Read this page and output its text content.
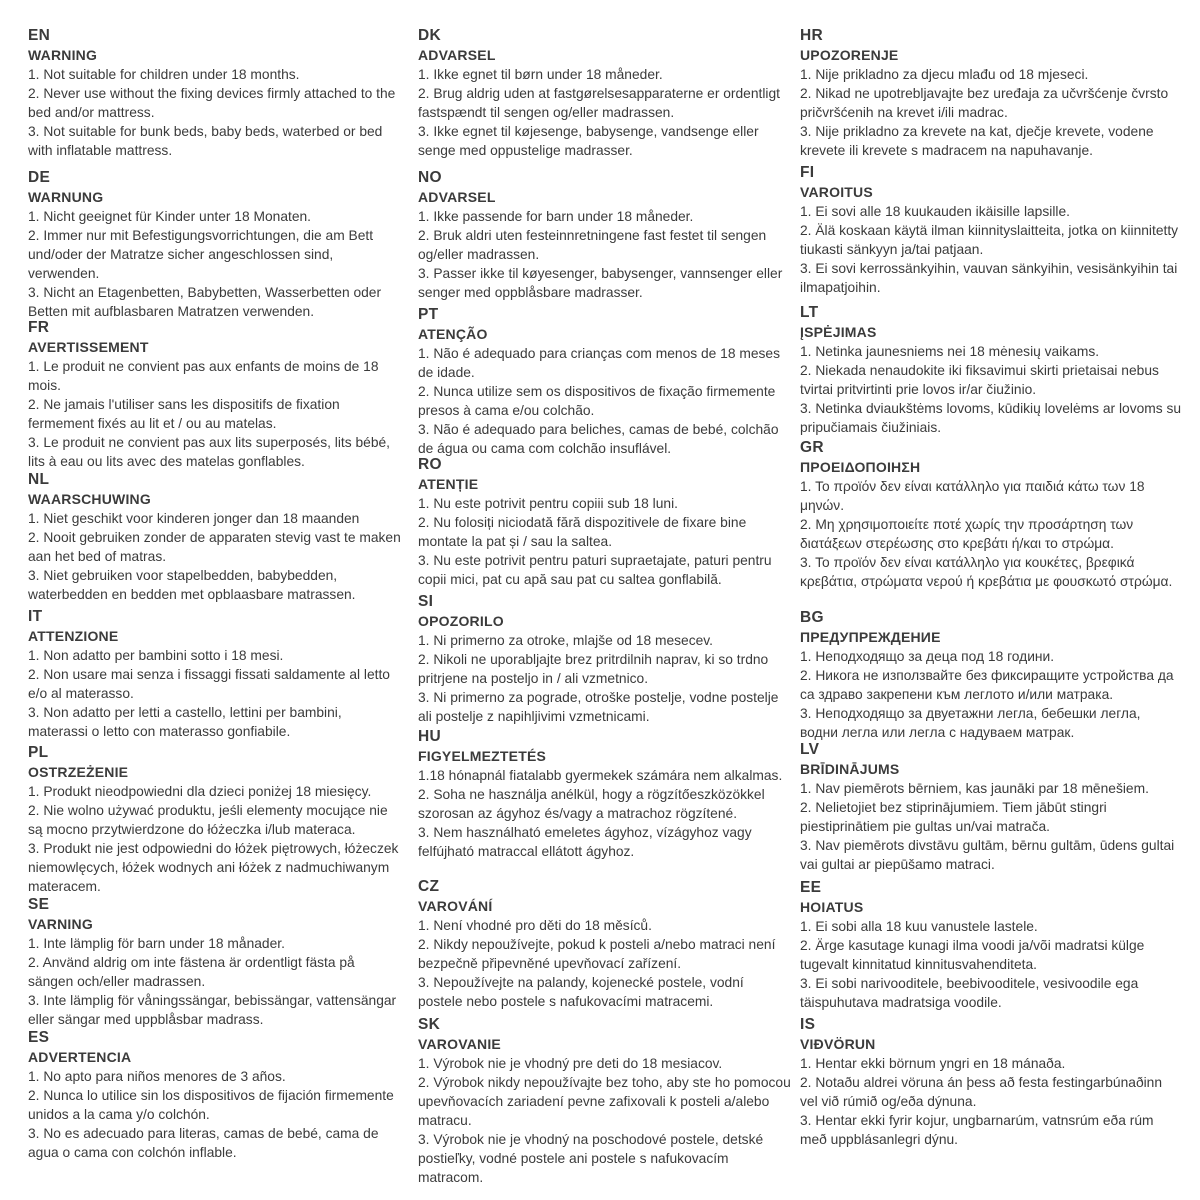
EN
WARNING
1. Not suitable for children under 18 months.
2. Never use without the fixing devices firmly attached to the bed and/or mattress.
3. Not suitable for bunk beds, baby beds, waterbed or bed with inflatable mattress.
DE
WARNUNG
1. Nicht geeignet für Kinder unter 18 Monaten.
2. Immer nur mit Befestigungsvorrichtungen, die am Bett und/oder der Matratze sicher angeschlossen sind, verwenden.
3. Nicht an Etagenbetten, Babybetten, Wasserbetten oder Betten mit aufblasbaren Matratzen verwenden.
FR
AVERTISSEMENT
1. Le produit ne convient pas aux enfants de moins de 18 mois.
2. Ne jamais l'utiliser sans les dispositifs de fixation fermement fixés au lit et / ou au matelas.
3. Le produit ne convient pas aux lits superposés, lits bébé, lits à eau ou lits avec des matelas gonflables.
NL
WAARSCHUWING
1. Niet geschikt voor kinderen jonger dan 18 maanden
2. Nooit gebruiken zonder de apparaten stevig vast te maken aan het bed of matras.
3. Niet gebruiken voor stapelbedden, babybedden, waterbedden en bedden met opblaasbare matrassen.
IT
ATTENZIONE
1. Non adatto per bambini sotto i 18 mesi.
2. Non usare mai senza i fissaggi fissati saldamente al letto e/o al materasso.
3. Non adatto per letti a castello, lettini per bambini, materassi o letto con materasso gonfiabile.
PL
OSTRZEŻENIE
1. Produkt nieodpowiedni dla dzieci poniżej 18 miesięcy.
2. Nie wolno używać produktu, jeśli elementy mocujące nie są mocno przytwierdzone do łóżeczka i/lub materaca.
3. Produkt nie jest odpowiedni do łóżek piętrowych, łóżeczek niemowlęcych, łóżek wodnych ani łóżek z nadmuchiwanym materacem.
SE
VARNING
1. Inte lämplig för barn under 18 månader.
2. Använd aldrig om inte fästena är ordentligt fästa på sängen och/eller madrassen.
3. Inte lämplig för våningssängar, bebissängar, vattensängar eller sängar med uppblåsbar madrass.
ES
ADVERTENCIA
1. No apto para niños menores de 3 años.
2. Nunca lo utilice sin los dispositivos de fijación firmemente unidos a la cama y/o colchón.
3. No es adecuado para literas, camas de bebé, cama de agua o cama con colchón inflable.
DK
ADVARSEL
1. Ikke egnet til børn under 18 måneder.
2. Brug aldrig uden at fastgørelsesapparaterne er ordentligt fastspændt til sengen og/eller madrassen.
3. Ikke egnet til køjesenge, babysenge, vandsenge eller senge med oppustelige madrasser.
NO
ADVARSEL
1. Ikke passende for barn under 18 måneder.
2. Bruk aldri uten festeinnretningene fast festet til sengen og/eller madrassen.
3. Passer ikke til køyesenger, babysenger, vannsenger eller senger med oppblåsbare madrasser.
PT
ATENÇÃO
1. Não é adequado para crianças com menos de 18 meses de idade.
2. Nunca utilize sem os dispositivos de fixação firmemente presos à cama e/ou colchão.
3. Não é adequado para beliches, camas de bebé, colchão de água ou cama com colchão insuflável.
RO
ATENȚIE
1. Nu este potrivit pentru copiii sub 18 luni.
2. Nu folosiți niciodată fără dispozitivele de fixare bine montate la pat și / sau la saltea.
3. Nu este potrivit pentru paturi supraetajate, paturi pentru copii mici, pat cu apă sau pat cu saltea gonflabilă.
SI
OPOZORILO
1. Ni primerno za otroke, mlajše od 18 mesecev.
2. Nikoli ne uporabljajte brez pritrdilnih naprav, ki so trdno pritrjene na posteljo in / ali vzmetnico.
3. Ni primerno za pograde, otroške postelje, vodne postelje ali postelje z napihljivimi vzmetnicami.
HU
FIGYELMEZTETÉS
1.18 hónapnál fiatalabb gyermekek számára nem alkalmas.
2. Soha ne használja anélkül, hogy a rögzítőeszközökkel szorosan az ágyhoz és/vagy a matrachoz rögzítené.
3. Nem használható emeletes ágyhoz, vízágyhoz vagy felfújható matraccal ellátott ágyhoz.
CZ
VAROVÁNÍ
1. Není vhodné pro děti do 18 měsíců.
2. Nikdy nepoužívejte, pokud k posteli a/nebo matraci není bezpečně připevněné upevňovací zařízení.
3. Nepoužívejte na palandy, kojenecké postele, vodní postele nebo postele s nafukovacími matracemi.
SK
VAROVANIE
1. Výrobok nie je vhodný pre deti do 18 mesiacov.
2. Výrobok nikdy nepoužívajte bez toho, aby ste ho pomocou upevňovacích zariadení pevne zafixovali k posteli a/alebo matracu.
3. Výrobok nie je vhodný na poschodové postele, detské postieľky, vodné postele ani postele s nafukovacím matracom.
HR
UPOZORENJE
1. Nije prikladno za djecu mlađu od 18 mjeseci.
2. Nikad ne upotrebljavajte bez uređaja za učvršćenje čvrsto pričvršćenih na krevet i/ili madrac.
3. Nije prikladno za krevete na kat, dječje krevete, vodene krevete ili krevete s madracem na napuhavanje.
FI
VAROITUS
1. Ei sovi alle 18 kuukauden ikäisille lapsille.
2. Älä koskaan käytä ilman kiinnityslaitteita, jotka on kiinnitetty tiukasti sänkyyn ja/tai patjaan.
3. Ei sovi kerrossänkyihin, vauvan sänkyihin, vesisänkyihin tai ilmapatjoihin.
LT
ĮSPĖJIMAS
1. Netinka jaunesniems nei 18 mėnesių vaikams.
2. Niekada nenaudokite iki fiksavimui skirti prietaisai nebus tvirtai pritvirtinti prie lovos ir/ar čiužinio.
3. Netinka dviaukštėms lovoms, kūdikių lovelėms ar lovoms su pripučiamais čiužiniais.
GR
ΠΡΟΕΙΔΟΠΟΙΗΣΗ
1. Το προϊόν δεν είναι κατάλληλο για παιδιά κάτω των 18 μηνών.
2. Μη χρησιμοποιείτε ποτέ χωρίς την προσάρτηση των διατάξεων στερέωσης στο κρεβάτι ή/και το στρώμα.
3. Το προϊόν δεν είναι κατάλληλο για κουκέτες, βρεφικά κρεβάτια, στρώματα νερού ή κρεβάτια με φουσκωτό στρώμα.
BG
ПРЕДУПРЕЖДЕНИЕ
1. Неподходящо за деца под 18 години.
2. Никога не използвайте без фиксиращите устройства да са здраво закрепени към леглото и/или матрака.
3. Неподходящо за двуетажни легла, бебешки легла, водни легла или легла с надуваем матрак.
LV
BRĪDINĀJUMS
1. Nav piemērots bērniem, kas jaunāki par 18 mēnešiem.
2. Nelietojiet bez stiprinājumiem. Tiem jābūt stingri piestiprinātiem pie gultas un/vai matrača.
3. Nav piemērots divstāvu gultām, bērnu gultām, ūdens gultai vai gultai ar piepūšamo matraci.
EE
HOIATUS
1. Ei sobi alla 18 kuu vanustele lastele.
2. Ärge kasutage kunagi ilma voodi ja/või madratsi külge tugevalt kinnitatud kinnitusvahenditeta.
3. Ei sobi narivooditele, beebivooditele, vesivoodile ega täispuhutava madratsiga voodile.
IS
VIÐVÖRUN
1. Hentar ekki börnum yngri en 18 mánaða.
2. Notaðu aldrei vöruna án þess að festa festingarbúnaðinn vel við rúmið og/eða dýnuna.
3. Hentar ekki fyrir kojur, ungbarnarúm, vatnsrúm eða rúm með uppblásanlegri dýnu.
